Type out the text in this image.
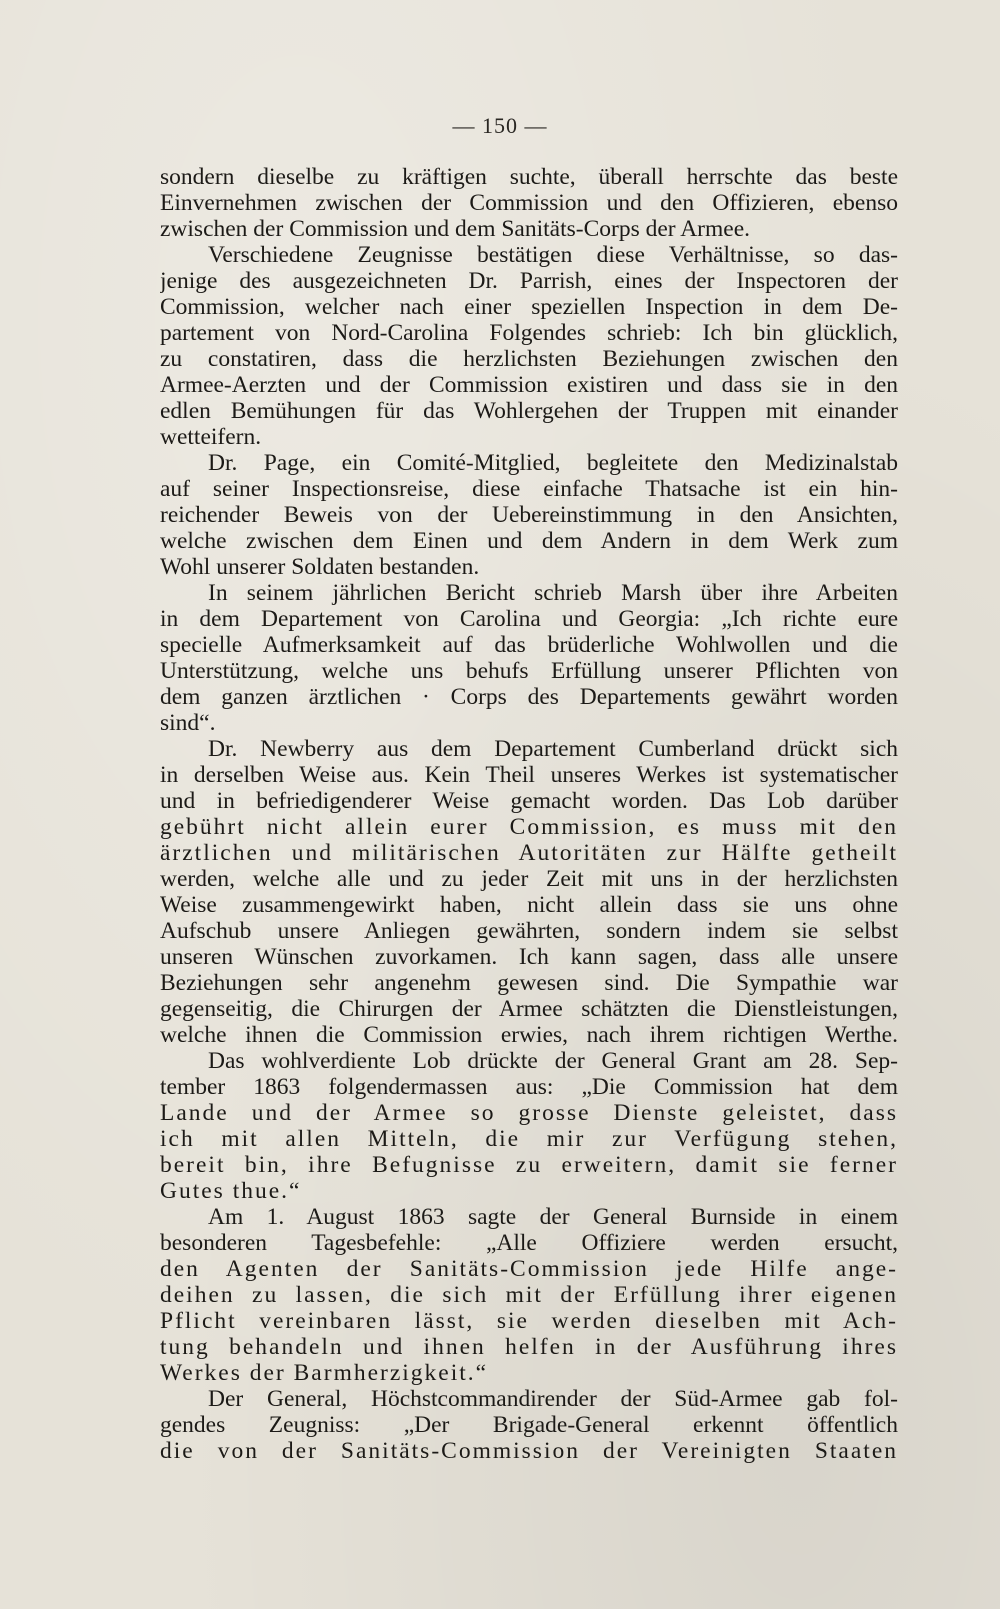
— 150 —
sondern dieselbe zu kräftigen suchte, überall herrschte das beste
Einvernehmen zwischen der Commission und den Offizieren, ebenso
zwischen der Commission und dem Sanitäts-Corps der Armee.
Verschiedene Zeugnisse bestätigen diese Verhältnisse, so das-
jenige des ausgezeichneten Dr. Parrish, eines der Inspectoren der
Commission, welcher nach einer speziellen Inspection in dem De-
partement von Nord-Carolina Folgendes schrieb: Ich bin glücklich,
zu constatiren, dass die herzlichsten Beziehungen zwischen den
Armee-Aerzten und der Commission existiren und dass sie in den
edlen Bemühungen für das Wohlergehen der Truppen mit einander
wetteifern.
Dr. Page, ein Comité-Mitglied, begleitete den Medizinalstab
auf seiner Inspectionsreise, diese einfache Thatsache ist ein hin-
reichender Beweis von der Uebereinstimmung in den Ansichten,
welche zwischen dem Einen und dem Andern in dem Werk zum
Wohl unserer Soldaten bestanden.
In seinem jährlichen Bericht schrieb Marsh über ihre Arbeiten
in dem Departement von Carolina und Georgia: „Ich richte eure
specielle Aufmerksamkeit auf das brüderliche Wohlwollen und die
Unterstützung, welche uns behufs Erfüllung unserer Pflichten von
dem ganzen ärztlichen · Corps des Departements gewährt worden
sind“.
Dr. Newberry aus dem Departement Cumberland drückt sich
in derselben Weise aus. Kein Theil unseres Werkes ist systematischer
und in befriedigenderer Weise gemacht worden. Das Lob darüber
gebührt nicht allein eurer Commission, es muss mit den
ärztlichen und militärischen Autoritäten zur Hälfte getheilt
werden, welche alle und zu jeder Zeit mit uns in der herzlichsten
Weise zusammengewirkt haben, nicht allein dass sie uns ohne
Aufschub unsere Anliegen gewährten, sondern indem sie selbst
unseren Wünschen zuvorkamen. Ich kann sagen, dass alle unsere
Beziehungen sehr angenehm gewesen sind. Die Sympathie war
gegenseitig, die Chirurgen der Armee schätzten die Dienstleistungen,
welche ihnen die Commission erwies, nach ihrem richtigen Werthe.
Das wohlverdiente Lob drückte der General Grant am 28. Sep-
tember 1863 folgendermassen aus: „Die Commission hat dem
Lande und der Armee so grosse Dienste geleistet, dass
ich mit allen Mitteln, die mir zur Verfügung stehen,
bereit bin, ihre Befugnisse zu erweitern, damit sie ferner
Gutes thue.“
Am 1. August 1863 sagte der General Burnside in einem
besonderen Tagesbefehle: „Alle Offiziere werden ersucht,
den Agenten der Sanitäts-Commission jede Hilfe ange-
deihen zu lassen, die sich mit der Erfüllung ihrer eigenen
Pflicht vereinbaren lässt, sie werden dieselben mit Ach-
tung behandeln und ihnen helfen in der Ausführung ihres
Werkes der Barmherzigkeit.“
Der General, Höchstcommandirender der Süd-Armee gab fol-
gendes Zeugniss: „Der Brigade-General erkennt öffentlich
die von der Sanitäts-Commission der Vereinigten Staaten
